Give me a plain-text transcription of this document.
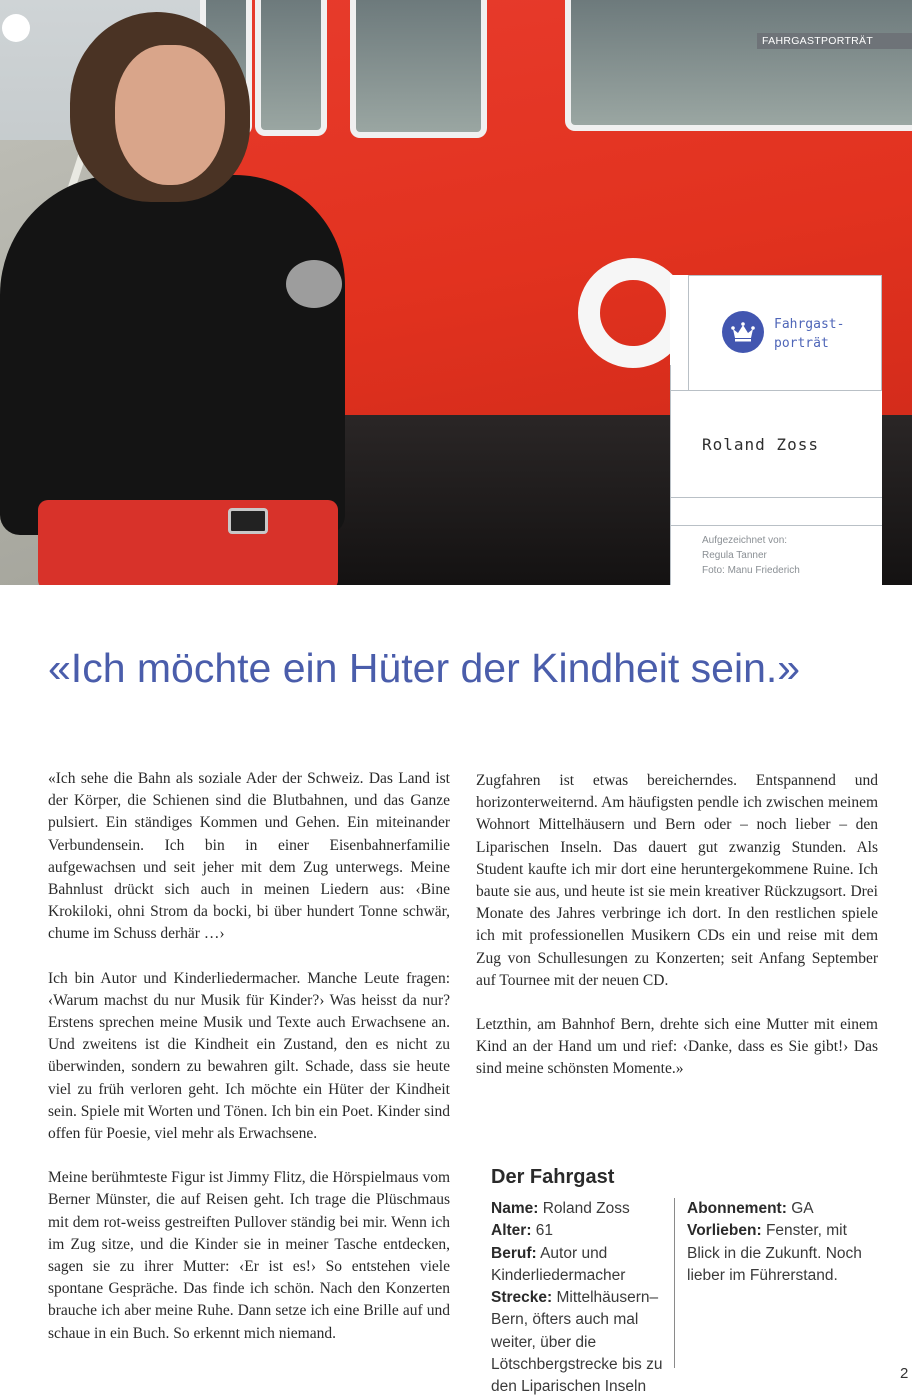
FAHRGASTPORTRÄT
Fahrgast-
porträt
Roland Zoss
Aufgezeichnet von:
Regula Tanner
Foto: Manu Friederich
«Ich möchte ein Hüter der Kindheit sein.»

«Ich sehe die Bahn als soziale Ader der Schweiz. Das Land ist der Körper, die Schienen sind die Blutbahnen, und das Ganze pulsiert. Ein ständiges Kommen und Gehen. Ein miteinander Verbundensein. Ich bin in einer Eisenbahnerfamilie aufgewachsen und seit jeher mit dem Zug unterwegs. Meine Bahnlust drückt sich auch in meinen Liedern aus: ‹Bine Krokiloki, ohni Strom da bocki, bi über hundert Tonne schwär, chume im Schuss derhär …›

Ich bin Autor und Kinderliedermacher. Manche Leute fragen: ‹Warum machst du nur Musik für Kinder?› Was heisst da nur? Erstens sprechen meine Musik und Texte auch Erwachsene an. Und zweitens ist die Kindheit ein Zustand, den es nicht zu überwinden, sondern zu bewahren gilt. Schade, dass sie heute viel zu früh verloren geht. Ich möchte ein Hüter der Kindheit sein. Spiele mit Worten und Tönen. Ich bin ein Poet. Kinder sind offen für Poesie, viel mehr als Erwachsene.

Meine berühmteste Figur ist Jimmy Flitz, die Hörspielmaus vom Berner Münster, die auf Reisen geht. Ich trage die Plüschmaus mit dem rot-weiss gestreiften Pullover ständig bei mir. Wenn ich im Zug sitze, und die Kinder sie in meiner Tasche entdecken, sagen sie zu ihrer Mutter: ‹Er ist es!› So entstehen viele spontane Gespräche. Das finde ich schön. Nach den Konzerten brauche ich aber meine Ruhe. Dann setze ich eine Brille auf und schaue in ein Buch. So erkennt mich niemand.

Zugfahren ist etwas bereicherndes. Entspannend und horizonterweiternd. Am häufigsten pendle ich zwischen meinem Wohnort Mittelhäusern und Bern oder – noch lieber – den Liparischen Inseln. Das dauert gut zwanzig Stunden. Als Student kaufte ich mir dort eine heruntergekommene Ruine. Ich baute sie aus, und heute ist sie mein kreativer Rückzugsort. Drei Monate des Jahres verbringe ich dort. In den restlichen spiele ich mit professionellen Musikern CDs ein und reise mit dem Zug von Schullesungen zu Konzerten; seit Anfang September auf Tournee mit der neuen CD.

Letzthin, am Bahnhof Bern, drehte sich eine Mutter mit einem Kind an der Hand um und rief: ‹Danke, dass es Sie gibt!› Das sind meine schönsten Momente.»

Der Fahrgast
Name: Roland Zoss
Alter: 61
Beruf: Autor und Kinderliedermacher
Strecke: Mittelhäusern–Bern, öfters auch mal weiter, über die Lötschbergstrecke bis zu den Liparischen Inseln
Abonnement: GA
Vorlieben: Fenster, mit Blick in die Zukunft. Noch lieber im Führerstand.
2
